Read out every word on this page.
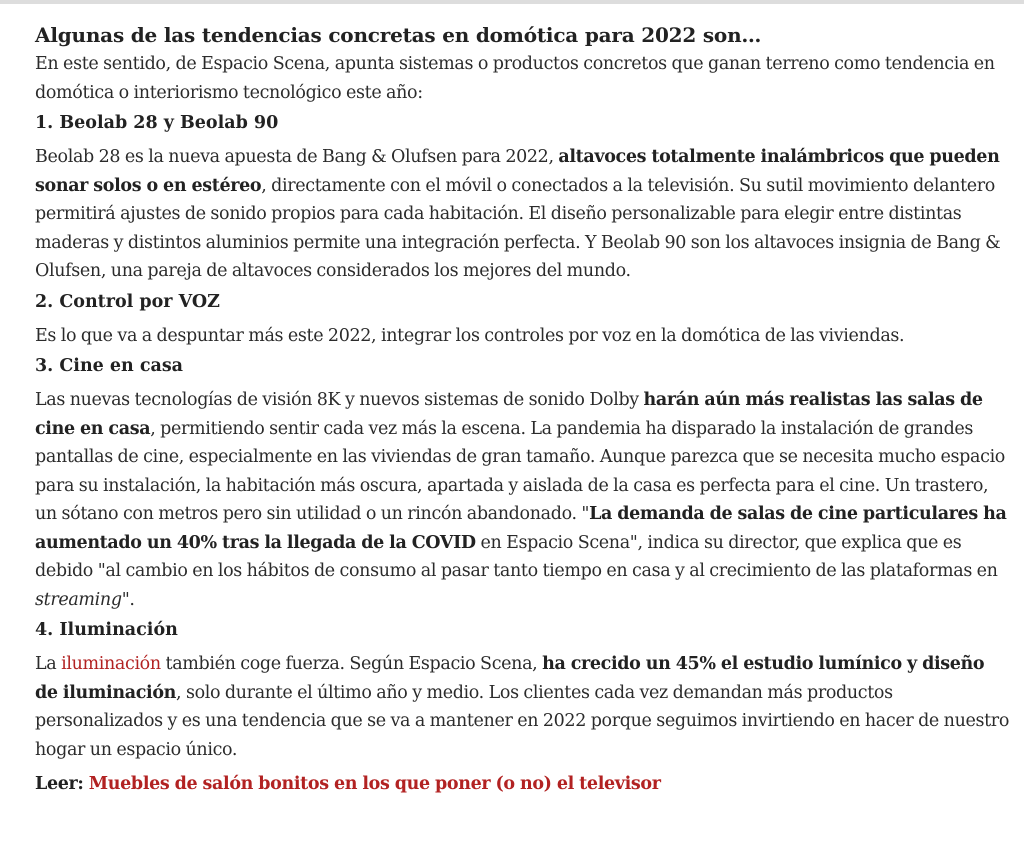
Algunas de las tendencias concretas en domótica para 2022 son…

En este sentido, de Espacio Scena, apunta sistemas o productos concretos que ganan terreno como tendencia en domótica o interiorismo tecnológico este año:

1. Beolab 28 y Beolab 90

Beolab 28 es la nueva apuesta de Bang & Olufsen para 2022, altavoces totalmente inalámbricos que pueden sonar solos o en estéreo, directamente con el móvil o conectados a la televisión. Su sutil movimiento delantero permitirá ajustes de sonido propios para cada habitación. El diseño personalizable para elegir entre distintas maderas y distintos aluminios permite una integración perfecta. Y Beolab 90 son los altavoces insignia de Bang & Olufsen, una pareja de altavoces considerados los mejores del mundo.

2. Control por VOZ

Es lo que va a despuntar más este 2022, integrar los controles por voz en la domótica de las viviendas.

3. Cine en casa

Las nuevas tecnologías de visión 8K y nuevos sistemas de sonido Dolby harán aún más realistas las salas de cine en casa, permitiendo sentir cada vez más la escena. La pandemia ha disparado la instalación de grandes pantallas de cine, especialmente en las viviendas de gran tamaño. Aunque parezca que se necesita mucho espacio para su instalación, la habitación más oscura, apartada y aislada de la casa es perfecta para el cine. Un trastero, un sótano con metros pero sin utilidad o un rincón abandonado. "La demanda de salas de cine particulares ha aumentado un 40% tras la llegada de la COVID en Espacio Scena", indica su director, que explica que es debido "al cambio en los hábitos de consumo al pasar tanto tiempo en casa y al crecimiento de las plataformas en streaming".

4. Iluminación

La iluminación también coge fuerza. Según Espacio Scena, ha crecido un 45% el estudio lumínico y diseño de iluminación, solo durante el último año y medio. Los clientes cada vez demandan más productos personalizados y es una tendencia que se va a mantener en 2022 porque seguimos invirtiendo en hacer de nuestro hogar un espacio único.

Leer: Muebles de salón bonitos en los que poner (o no) el televisor
